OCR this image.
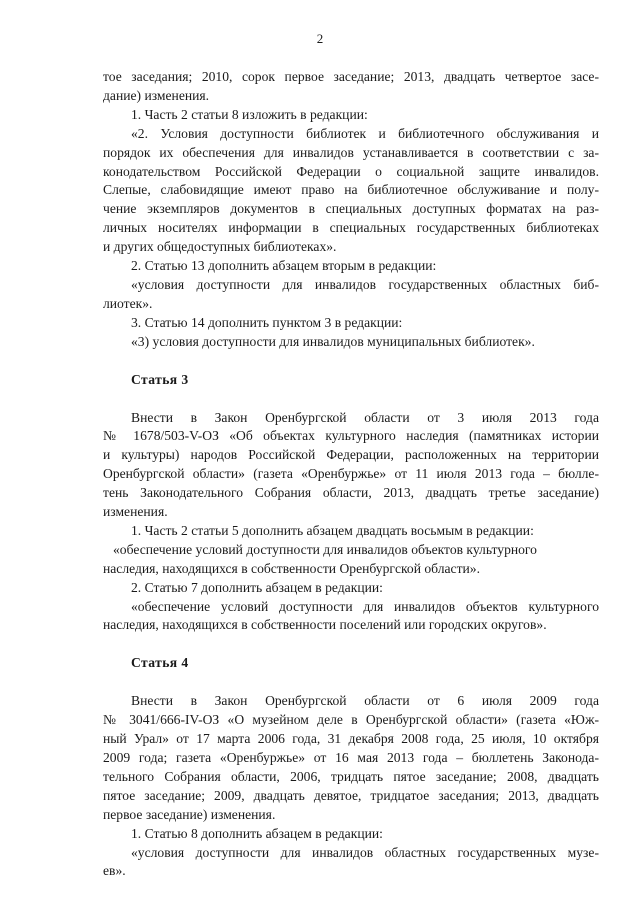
2
тое заседания; 2010, сорок первое заседание; 2013, двадцать четвертое засе-
дание) изменения.
1. Часть 2 статьи 8 изложить в редакции:
«2. Условия доступности библиотек и библиотечного обслуживания и
порядок их обеспечения для инвалидов устанавливается в соответствии с за-
конодательством Российской Федерации о социальной защите инвалидов.
Слепые, слабовидящие имеют право на библиотечное обслуживание и полу-
чение экземпляров документов в специальных доступных форматах на раз-
личных носителях информации в специальных государственных библиотеках
и других общедоступных библиотеках».
2. Статью 13 дополнить абзацем вторым в редакции:
«условия доступности для инвалидов государственных областных биб-
лиотек».
3. Статью 14 дополнить пунктом 3 в редакции:
«3) условия доступности для инвалидов муниципальных библиотек».
Статья 3
Внести в Закон Оренбургской области от 3 июля 2013 года
№ 1678/503-V-ОЗ «Об объектах культурного наследия (памятниках истории
и культуры) народов Российской Федерации, расположенных на территории
Оренбургской области» (газета «Оренбуржье» от 11 июля 2013 года – бюлле-
тень Законодательного Собрания области, 2013, двадцать третье заседание)
изменения.
1. Часть 2 статьи 5 дополнить абзацем двадцать восьмым в редакции:
«обеспечение условий доступности для инвалидов объектов культурного
наследия, находящихся в собственности Оренбургской области».
2. Статью 7 дополнить абзацем в редакции:
«обеспечение условий доступности для инвалидов объектов культурного
наследия, находящихся в собственности поселений или городских округов».
Статья 4
Внести в Закон Оренбургской области от 6 июля 2009 года
№ 3041/666-IV-ОЗ «О музейном деле в Оренбургской области» (газета «Юж-
ный Урал» от 17 марта 2006 года, 31 декабря 2008 года, 25 июля, 10 октября
2009 года; газета «Оренбуржье» от 16 мая 2013 года – бюллетень Законода-
тельного Собрания области, 2006, тридцать пятое заседание; 2008, двадцать
пятое заседание; 2009, двадцать девятое, тридцатое заседания; 2013, двадцать
первое заседание) изменения.
1. Статью 8 дополнить абзацем в редакции:
«условия доступности для инвалидов областных государственных музе-
ев».
